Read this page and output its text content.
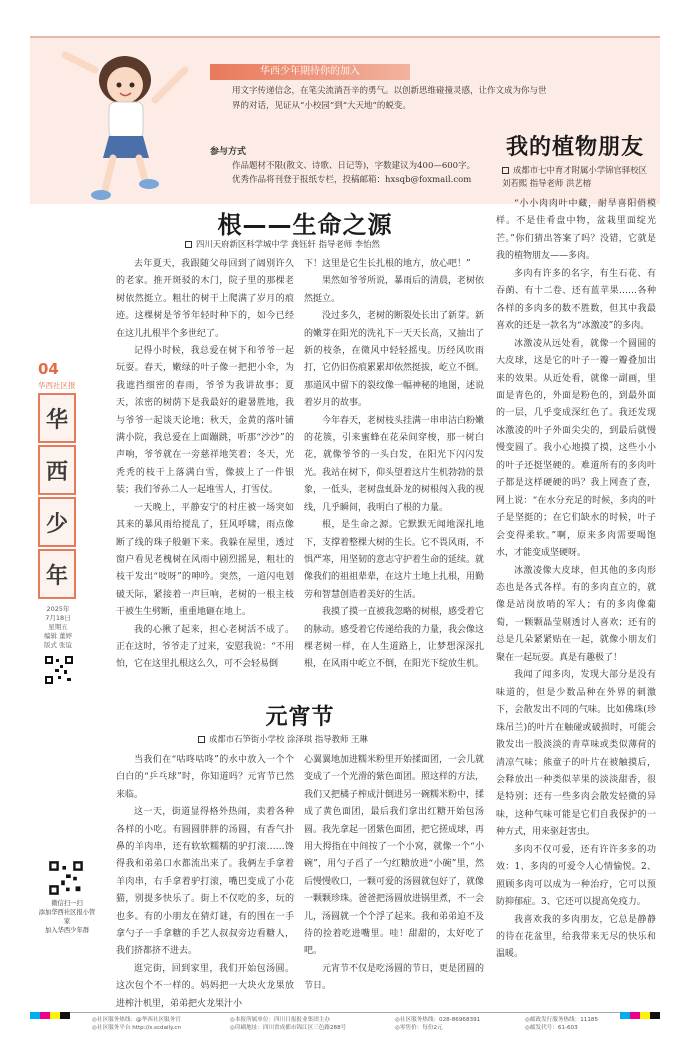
华西少年期待你的加入
用文字传递信念，在笔尖流淌吾辛的勇气。以创新思维碰撞灵感，让作文成为你与世界的对话，见证从“小校园”到“大天地”的蜕变。
参与方式
作品题材不限(散文、诗歌、日记等)，字数建议为400—600字。
优秀作品将刊登于报纸专栏，投稿邮箱：hxsqb@foxmail.com
我的植物朋友
成都市七中育才附属小学锦官驿校区 刘若熙 指导老师 洪艺榕
根——生命之源
四川天府新区科学城中学 龚钰轩 指导老师 李怡然

去年夏天，我跟随父母回到了阔别许久的老家。推开斑驳的木门，院子里的那棵老树依然挺立。粗壮的树干上爬满了岁月的痕迹。这棵树是爷爷年轻时种下的，如今已经在这儿扎根半个多世纪了。

记得小时候，我总爱在树下和爷爷一起玩耍。春天，嫩绿的叶子像一把把小伞，为我遮挡细密的春雨，爷爷为我讲故事；夏天，浓密的树荫下是我最好的避暑胜地，我与爷爷一起谈天论地；秋天，金黄的落叶铺满小院，我总爱在上面蹦跳，听那“沙沙”的声响，爷爷就在一旁慈祥地笑着；冬天，光秃秃的枝干上落满白雪，像披上了一件银装；我们爷孙二人一起堆雪人，打雪仗。

一天晚上，平静安宁的村庄被一场突如其来的暴风雨给搅乱了，狂风呼啸，雨点像断了线的珠子般砸下来。我躲在屋里，透过窗户看见老槐树在风雨中剧烈摇晃，粗壮的枝干发出“吱呀”的呻吟。突然，一道闪电划破天际，紧接着一声巨响，老树的一根主枝干被生生劈断，重重地砸在地上。

我的心揪了起来，担心老树活不成了。正在这时，爷爷走了过来，安慰我说：“不用怕，它在这里扎根这么久，可不会轻易倒

下！这里是它生长扎根的地方，放心吧！”

果然如爷爷所说，暴雨后的清晨，老树依然挺立。

没过多久，老树的断裂处长出了新芽。新的嫩芽在阳光的洗礼下一天天长高，又抽出了新的枝条，在微风中轻轻摇曳。历经风吹雨打，它仍旧伤痕累累却依然挺拔，屹立不倒。那道风中留下的裂纹像一幅神秘的地图，述说着岁月的故事。

今年春天，老树枝头挂满一串串洁白粉嫩的花簇，引来蜜蜂在花朵间穿梭，那一树白花，就像爷爷的一头白发，在阳光下闪闪发光。我站在树下，仰头望着这片生机勃勃的景象，一低头，老树盘虬卧龙的树根闯入我的视线，几乎瞬间，我明白了根的力量。

根，是生命之源。它默默无闻地深扎地下，支撑着整棵大树的生长。它不畏风雨，不惧严寒，用坚韧的意志守护着生命的延续。就像我们的祖祖辈辈，在这片土地上扎根，用勤劳和智慧创造着美好的生活。

我摸了摸一直被我忽略的树根，感受着它的脉动。感受着它传递给我的力量，我会像这棵老树一样，在人生道路上，让梦想深深扎根，在风雨中屹立不倒，在阳光下绽放生机。

04
华西社区报
华
西
少
年
2025年
7月18日
星期五
编辑 董婷
版式 张谊
微信扫一扫
添加华西社区报小管家
加入华西少年群
元宵节
成都市石笋街小学校 涂泽琪 指导教师 王琳

当我们在“咕咚咕咚”的水中放入一个个白白的“乒乓球”时，你知道吗？元宵节已然来临。

这一天，街道显得格外热闹，卖着各种各样的小吃。有圆圆胖胖的汤圆，有香气扑鼻的羊肉串，还有软软糯糯的驴打滚……馋得我和弟弟口水都流出来了。我俩左手拿着羊肉串，右手拿着驴打滚，嘴巴变成了小花猫，别提多快乐了。街上不仅吃的多，玩的也多。有的小朋友在猜灯谜，有的围在一手拿勺子一手拿糖的手艺人叔叔旁边看糖人，我们挤都挤不进去。

逛完街，回到家里，我们开始包汤圆。这次包个不一样的。妈妈把一大块火龙果放进榨汁机里，弟弟把火龙果汁小

心翼翼地加进糯米粉里开始揉面团，一会儿就变成了一个光滑的紫色面团。照这样的方法，我们又把橘子榨成汁倒进另一碗糯米粉中，揉成了黄色面团，最后我们拿出红糖开始包汤圆。我先拿起一团紫色面团，把它搓成球，再用大拇指在中间按了一个小窝，就像一个“小碗”，用勺子舀了一勺红糖放进“小碗”里，然后慢慢收口，一颗可爱的汤圆就包好了，就像一颗颗珍珠。爸爸把汤圆放进锅里煮，不一会儿，汤圆就一个个浮了起来。我和弟弟迫不及待的捡着吃进嘴里。哇！甜甜的，太好吃了吧。

元宵节不仅是吃汤圆的节日，更是团圆的节日。

“小小肉肉叶中藏，耐旱喜阳俏模样。不是佳肴盘中物，盆栽里面绽光芒。”你们猜出答案了吗？没错，它就是我的植物朋友——多肉。

多肉有许多的名字，有生石花、有吞蓢、有十二卷、还有蓝苹果……各种各样的多肉多的数不胜数，但其中我最喜欢的还是一款名为“冰激凌”的多肉。

冰激凌从远处看，就像一个圆圆的大皮球，这是它的叶子一瓣一瓣叠加出来的效果。从近处看，就像一副画，里面是青色的，外面是粉色的，到最外面的一层，几乎变成深红色了。我还发现冰激凌的叶子外面尖尖的，到最后就慢慢变圆了。我小心地摸了摸，这些小小的叶子还挺坚硬的。难道所有的多肉叶子都是这样硬硬的吗？我上网查了查，网上说：“在水分充足的时候，多肉的叶子是坚挺的；在它们缺水的时候，叶子会变得柔软。”啊，原来多肉需要喝饱水，才能变成坚硬呀。

冰激凌像大皮球，但其他的多肉形态也是各式各样。有的多肉直立的，就像是站岗放哨的军人；有的多肉像葡萄，一颗颗晶莹剔透讨人喜欢；还有的总是几朵紧紧贴在一起，就像小朋友们聚在一起玩耍。真是有趣极了！

我闻了闻多肉，发现大部分是没有味道的，但是少数品种在外界的刺激下，会散发出不同的气味。比如佛珠(珍珠吊兰)的叶片在触碰或破损时，可能会散发出一股淡淡的青草味或类似薄荷的清凉气味；熊童子的叶片在被触摸后，会释放出一种类似苹果的淡淡甜香，很是特别；还有一些多肉会散发轻微的异味，这种气味可能是它们自我保护的一种方式，用来驱赶害虫。

多肉不仅可爱，还有许许多多的功效：1、多肉的可爱令人心情愉悦。2、照顾多肉可以成为一种治疗，它可以预防抑郁症。3、它还可以提高免疫力。

我喜欢我的多肉朋友，它总是静静的待在花盆里，给我带来无尽的快乐和温暖。

◎社区服务热线：@华西社区服务官
◎社区服务平台 http://s.scdaily.cn
◎本报所属单位：四川日报报业集团主办
◎印刷地址：四川省成都市锦江区三色路288号
◎社区服务热线：028-86968391
◎零售价：每份2元
◎邮政发行服务热线：11185
◎邮发代号：61-603
